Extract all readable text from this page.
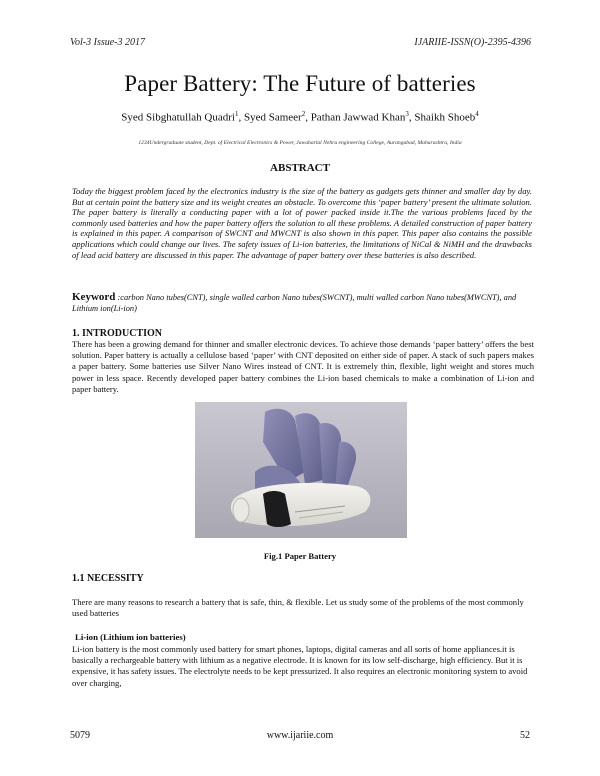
Vol-3 Issue-3 2017	IJARIIE-ISSN(O)-2395-4396
Paper Battery: The Future of batteries
Syed Sibghatullah Quadri$^1$, Syed Sameer$^2$, Pathan Jawwad Khan$^3$, Shaikh Shoeb$^4$
1234Undergraduate student, Dept. of Electrical Electronics & Power, Jawaharlal Nehru engineering College, Aurangabad, Maharashtra, India
ABSTRACT
Today the biggest problem faced by the electronics industry is the size of the battery as gadgets gets thinner and smaller day by day. But at certain point the battery size and its weight creates an obstacle. To overcome this ‘paper battery’ present the ultimate solution. The paper battery is literally a conducting paper with a lot of power packed inside it.The the various problems faced by the commonly used batteries and how the paper battery offers the solution to all these problems. A detailed construction of paper battery is explained in this paper. A comparison of SWCNT and MWCNT is also shown in this paper. This paper also contains the possible applications which could change our lives. The safety issues of Li-ion batteries, the limitations of NiCal & NiMH and the drawbacks of lead acid battery are discussed in this paper. The advantage of paper battery over these batteries is also described.
Keyword :carbon Nano tubes(CNT), single walled carbon Nano tubes(SWCNT), multi walled carbon Nano tubes(MWCNT), and Lithium ion(Li-ion)
1. INTRODUCTION
There has been a growing demand for thinner and smaller electronic devices. To achieve those demands ‘paper battery’ offers the best solution. Paper battery is actually a cellulose based ‘paper’ with CNT deposited on either side of paper. A stack of such papers makes a paper battery. Some batteries use Silver Nano Wires instead of CNT. It is extremely thin, flexible, light weight and stores much power in less space. Recently developed paper battery combines the Li-ion based chemicals to make a combination of Li-ion and paper battery.
Fig.1 Paper Battery
1.1 NECESSITY
There are many reasons to research a battery that is safe, thin, & flexible. Let us study some of the problems of the most commonly used batteries
Li-ion (Lithium ion batteries)
Li-ion battery is the most commonly used battery for smart phones, laptops, digital cameras and all sorts of home appliances.it is basically a rechargeable battery with lithium as a negative electrode. It is known for its low self-discharge, high efficiency. But it is expensive, it has safety issues. The electrolyte needs to be kept pressurized. It also requires an electronic monitoring system to avoid over charging,
5079	www.ijariie.com	52
